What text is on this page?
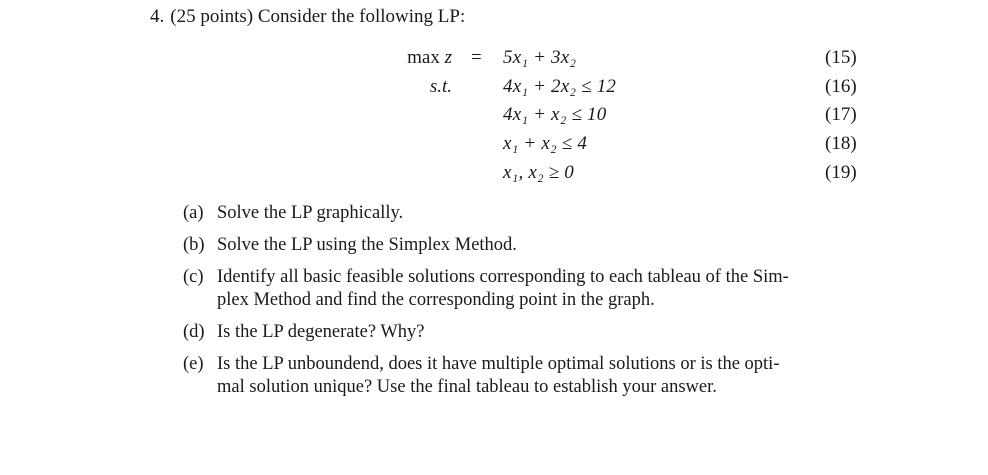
4. (25 points) Consider the following LP:
max z = 5x₁ + 3x₂	(15)
s.t.	4x₁ + 2x₂ ≤ 12	(16)
4x₁ + x₂ ≤ 10	(17)
x₁ + x₂ ≤ 4	(18)
x₁, x₂ ≥ 0	(19)
(a) Solve the LP graphically.
(b) Solve the LP using the Simplex Method.
(c) Identify all basic feasible solutions corresponding to each tableau of the Sim-
plex Method and find the corresponding point in the graph.
(d) Is the LP degenerate? Why?
(e) Is the LP unboundend, does it have multiple optimal solutions or is the opti-
mal solution unique? Use the final tableau to establish your answer.
